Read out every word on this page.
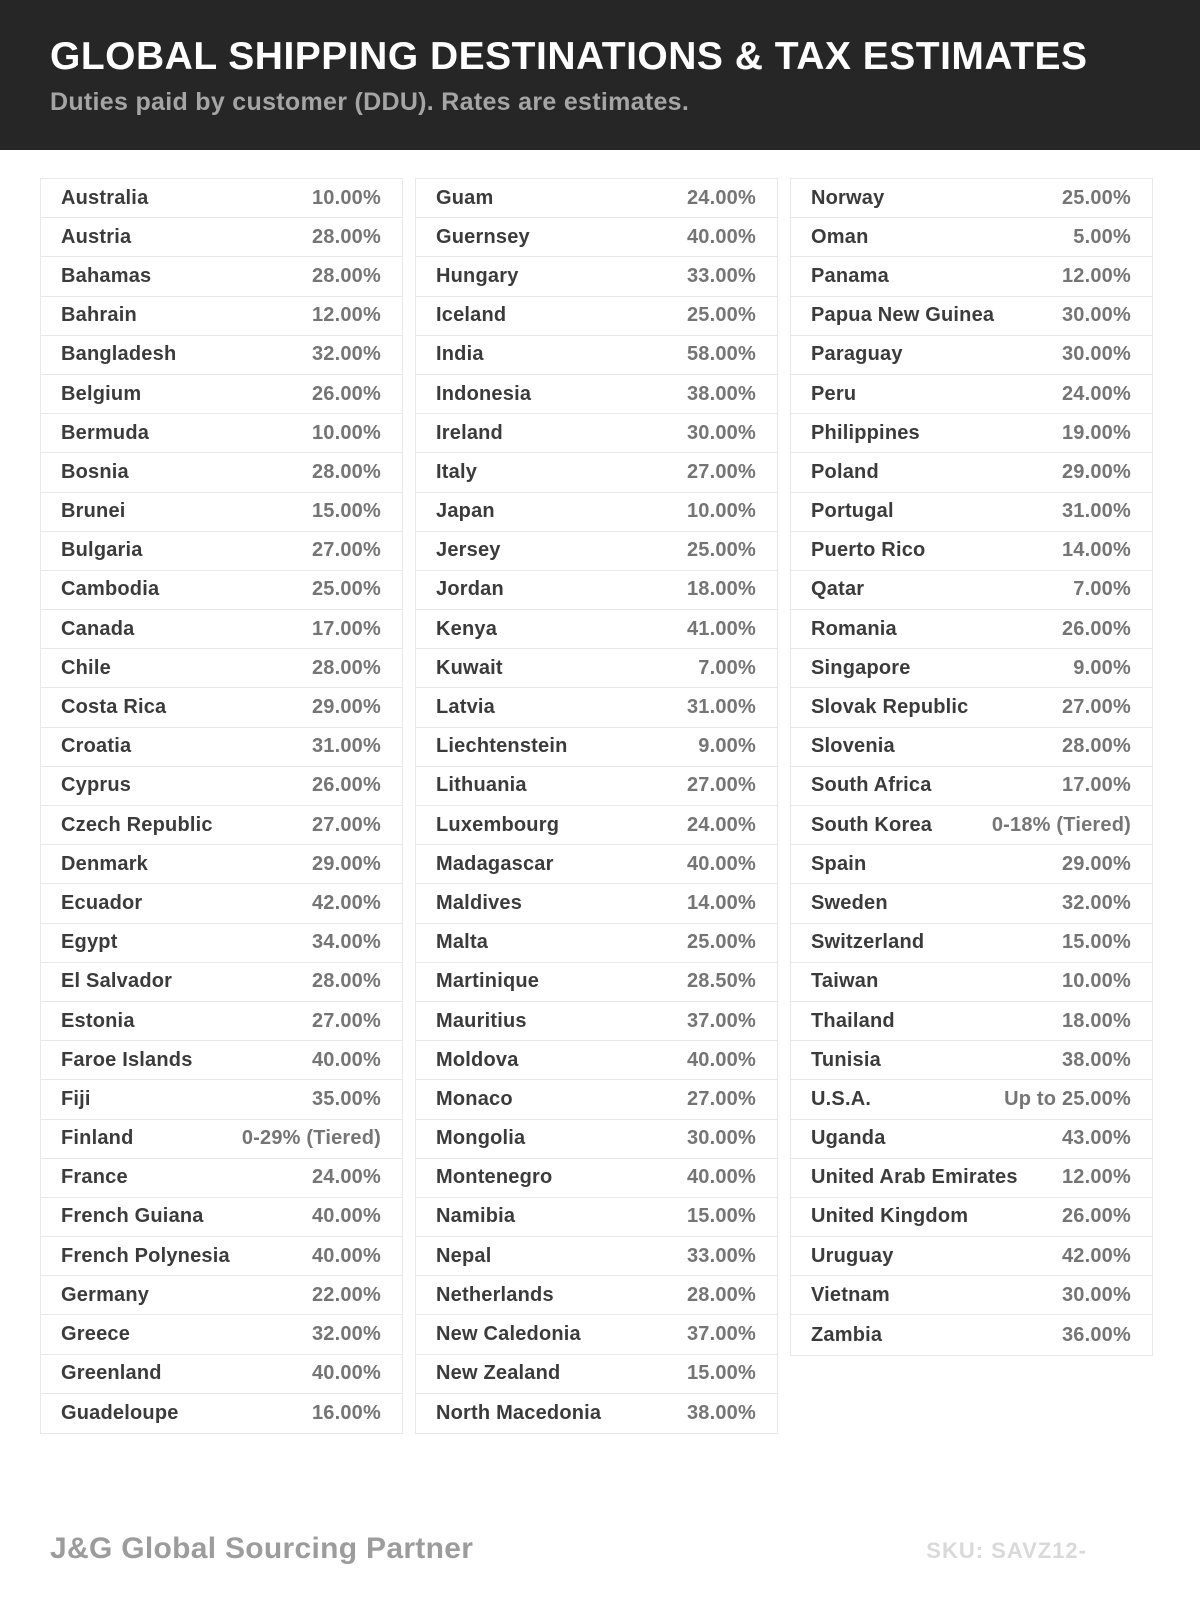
GLOBAL SHIPPING DESTINATIONS & TAX ESTIMATES
Duties paid by customer (DDU). Rates are estimates.
Australia	10.00%
Austria	28.00%
Bahamas	28.00%
Bahrain	12.00%
Bangladesh	32.00%
Belgium	26.00%
Bermuda	10.00%
Bosnia	28.00%
Brunei	15.00%
Bulgaria	27.00%
Cambodia	25.00%
Canada	17.00%
Chile	28.00%
Costa Rica	29.00%
Croatia	31.00%
Cyprus	26.00%
Czech Republic	27.00%
Denmark	29.00%
Ecuador	42.00%
Egypt	34.00%
El Salvador	28.00%
Estonia	27.00%
Faroe Islands	40.00%
Fiji	35.00%
Finland	0-29% (Tiered)
France	24.00%
French Guiana	40.00%
French Polynesia	40.00%
Germany	22.00%
Greece	32.00%
Greenland	40.00%
Guadeloupe	16.00%
Guam	24.00%
Guernsey	40.00%
Hungary	33.00%
Iceland	25.00%
India	58.00%
Indonesia	38.00%
Ireland	30.00%
Italy	27.00%
Japan	10.00%
Jersey	25.00%
Jordan	18.00%
Kenya	41.00%
Kuwait	7.00%
Latvia	31.00%
Liechtenstein	9.00%
Lithuania	27.00%
Luxembourg	24.00%
Madagascar	40.00%
Maldives	14.00%
Malta	25.00%
Martinique	28.50%
Mauritius	37.00%
Moldova	40.00%
Monaco	27.00%
Mongolia	30.00%
Montenegro	40.00%
Namibia	15.00%
Nepal	33.00%
Netherlands	28.00%
New Caledonia	37.00%
New Zealand	15.00%
North Macedonia	38.00%
Norway	25.00%
Oman	5.00%
Panama	12.00%
Papua New Guinea	30.00%
Paraguay	30.00%
Peru	24.00%
Philippines	19.00%
Poland	29.00%
Portugal	31.00%
Puerto Rico	14.00%
Qatar	7.00%
Romania	26.00%
Singapore	9.00%
Slovak Republic	27.00%
Slovenia	28.00%
South Africa	17.00%
South Korea	0-18% (Tiered)
Spain	29.00%
Sweden	32.00%
Switzerland	15.00%
Taiwan	10.00%
Thailand	18.00%
Tunisia	38.00%
U.S.A.	Up to 25.00%
Uganda	43.00%
United Arab Emirates 12.00%
United Kingdom	26.00%
Uruguay	42.00%
Vietnam	30.00%
Zambia	36.00%
J&G Global Sourcing Partner	SKU: SAVZ12-
